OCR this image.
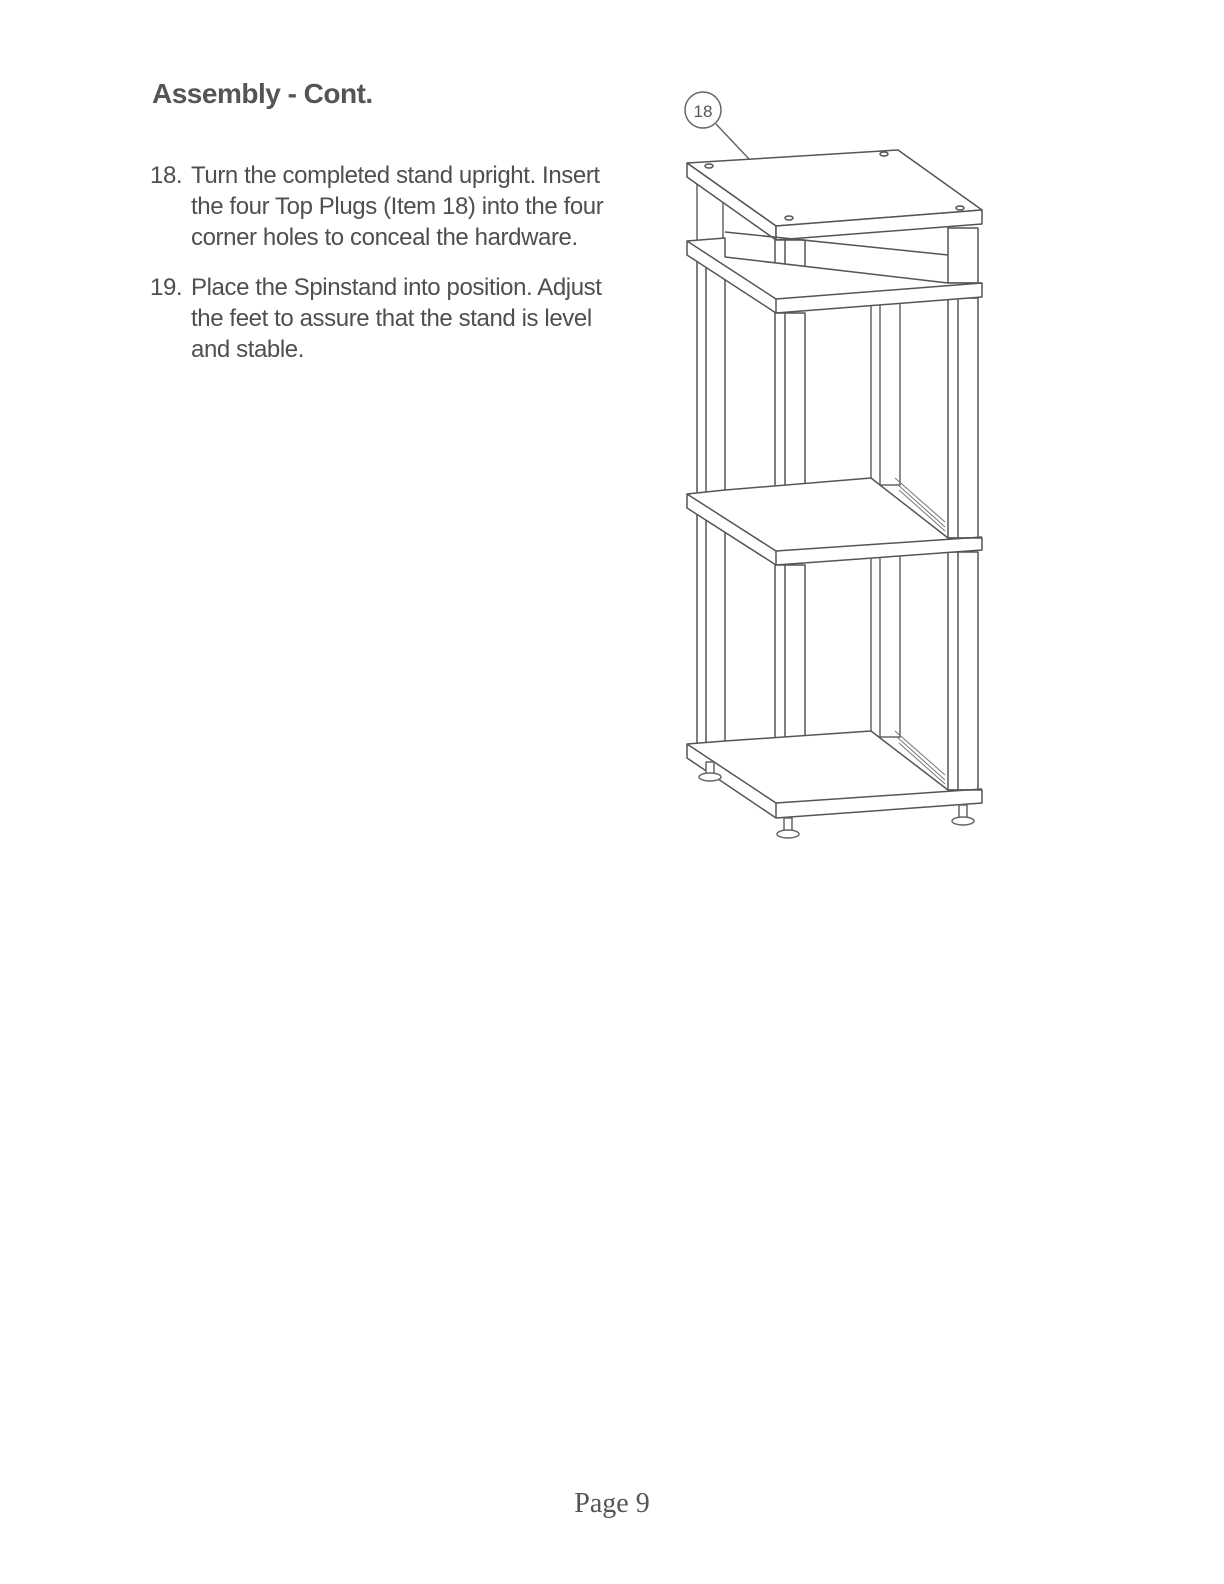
Assembly - Cont.
18. Turn the completed stand upright. Insert the four Top Plugs (Item 18) into the four corner holes to conceal the hardware.
19. Place the Spinstand into position. Adjust the feet to assure that the stand is level and stable.
18
Page 9
